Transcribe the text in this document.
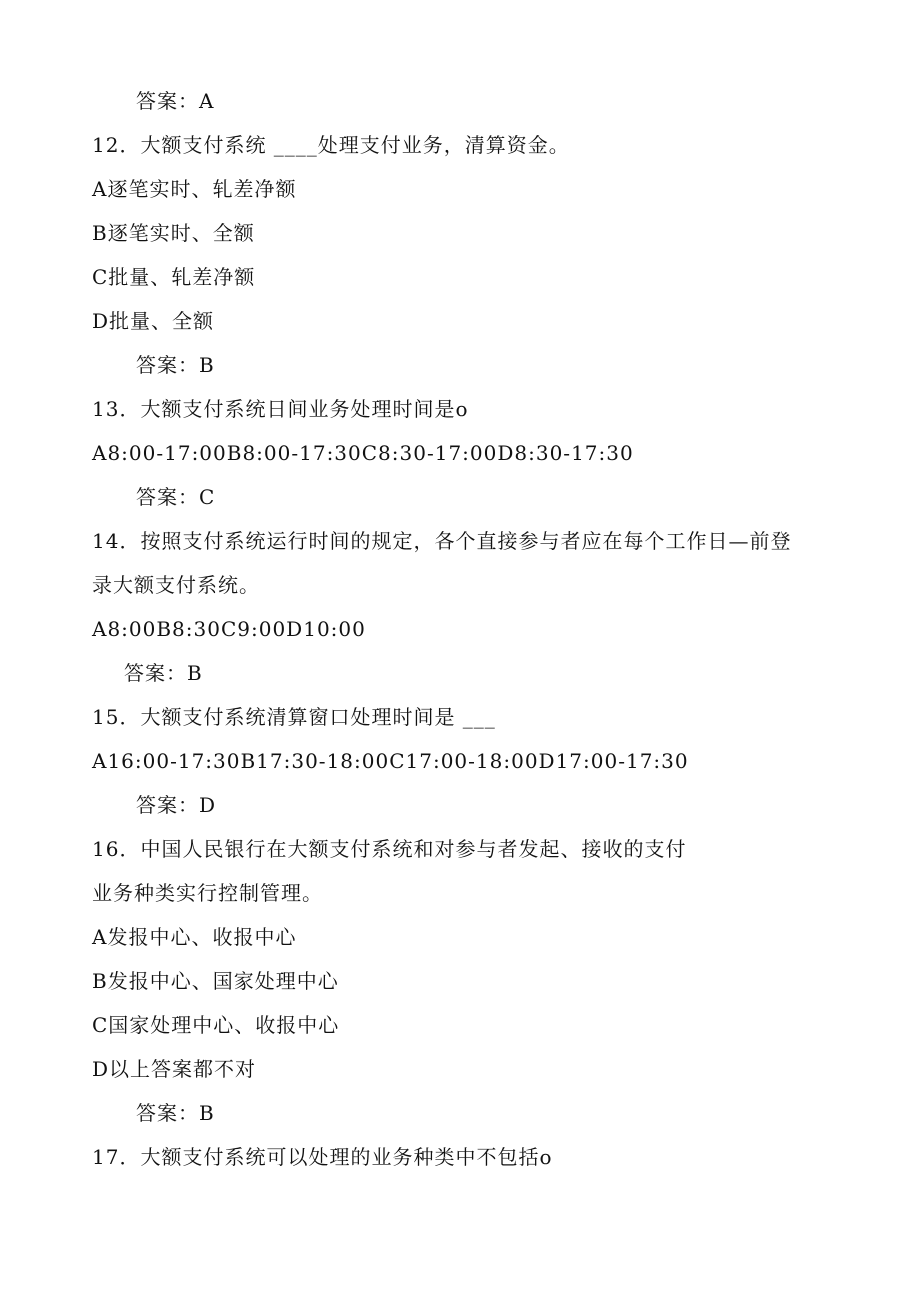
答案：A
12．大额支付系统 ____处理支付业务，清算资金。
A逐笔实时、轧差净额
B逐笔实时、全额
C批量、轧差净额
D批量、全额
答案：B
13．大额支付系统日间业务处理时间是o
A8:00-17:00B8:00-17:30C8:30-17:00D8:30-17:30
答案：C
14．按照支付系统运行时间的规定，各个直接参与者应在每个工作日—前登
录大额支付系统。
A8:00B8:30C9:00D10:00
答案：B
15．大额支付系统清算窗口处理时间是 ___
A16:00-17:30B17:30-18:00C17:00-18:00D17:00-17:30
答案：D
16．中国人民银行在大额支付系统和对参与者发起、接收的支付
业务种类实行控制管理。
A发报中心、收报中心
B发报中心、国家处理中心
C国家处理中心、收报中心
D以上答案都不对
答案：B
17．大额支付系统可以处理的业务种类中不包括o
